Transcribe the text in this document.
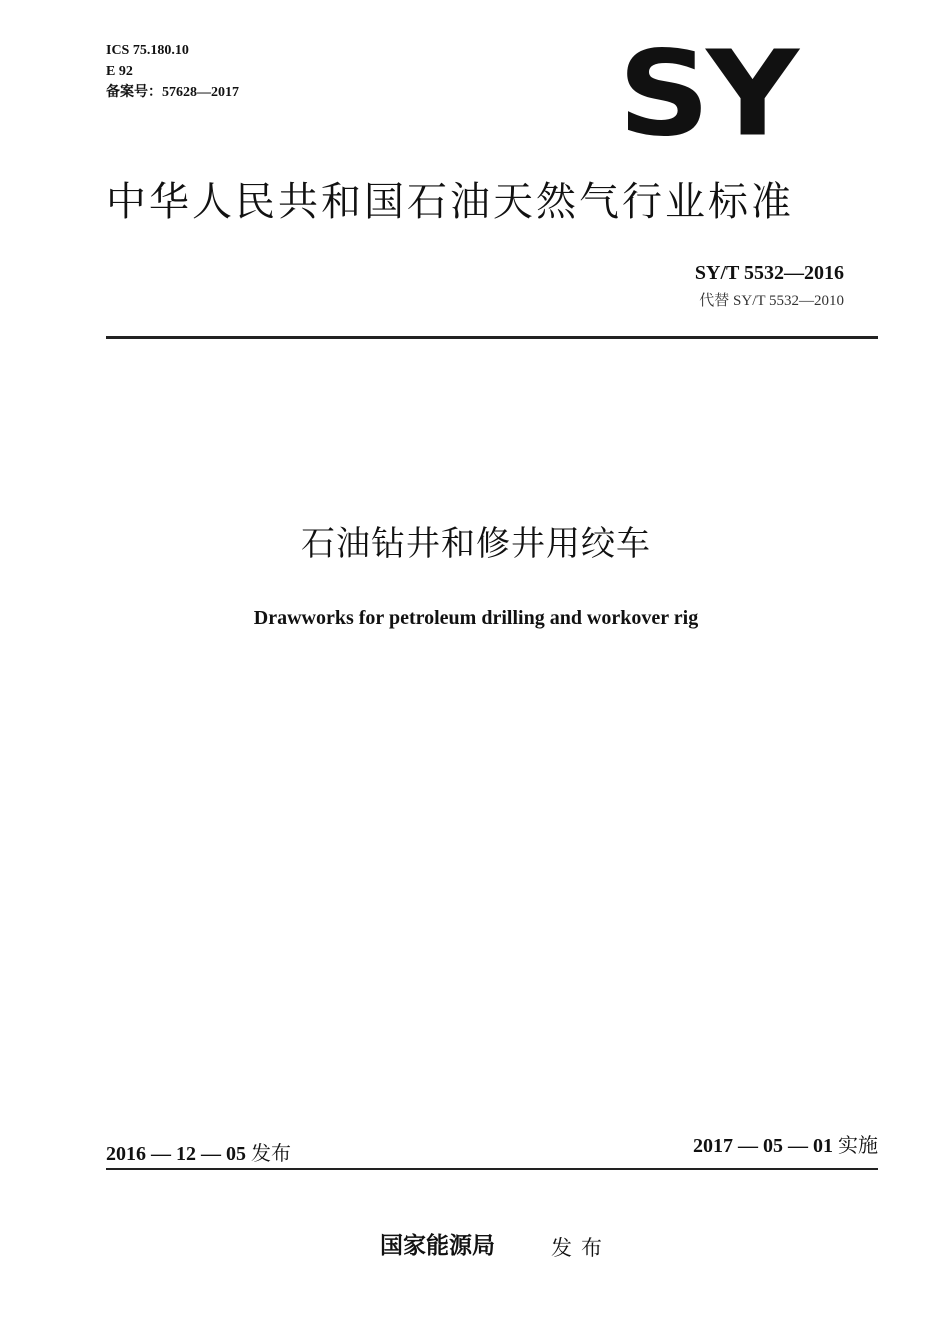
ICS 75.180.10
E 92
备案号：57628—2017	SY
中华人民共和国石油天然气行业标准
SY/T 5532—2016
代替 SY/T 5532—2010
石油钻井和修井用绞车
Drawworks for petroleum drilling and workover rig
2016 — 12 — 05 发布	2017 — 05 — 01 实施
国家能源局	发布
